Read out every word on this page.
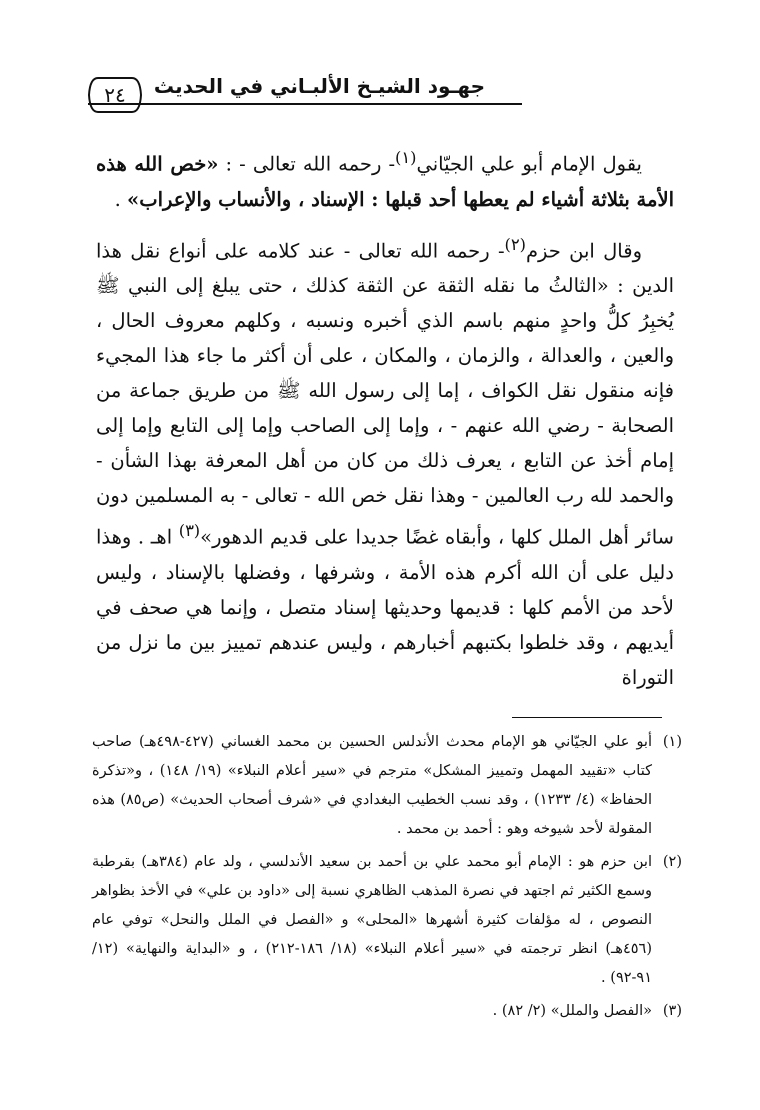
جهـود الشيـخ الألبـاني في الحديث
٢٤

يقول الإمام أبو علي الجيّاني$^{(١)}$- رحمه الله تعالى - : «خص الله هذه الأمة بثلاثة أشياء لم يعطها أحد قبلها : الإسناد ، والأنساب والإعراب» .

وقال ابن حزم$^{(٢)}$- رحمه الله تعالى - عند كلامه على أنواع نقل هذا الدين : «الثالثُ ما نقله الثقة عن الثقة كذلك ، حتى يبلغ إلى النبي ﷺ يُخبِرُ كلُّ واحدٍ منهم باسم الذي أخبره ونسبه ، وكلهم معروف الحال ، والعين ، والعدالة ، والزمان ، والمكان ، على أن أكثر ما جاء هذا المجيء فإنه منقول نقل الكواف ، إما إلى رسول الله ﷺ من طريق جماعة من الصحابة - رضي الله عنهم - ، وإما إلى الصاحب وإما إلى التابع وإما إلى إمام أخذ عن التابع ، يعرف ذلك من كان من أهل المعرفة بهذا الشأن - والحمد لله رب العالمين - وهذا نقل خص الله - تعالى - به المسلمين دون سائر أهل الملل كلها ، وأبقاه غضًا جديدا على قديم الدهور»$^{(٣)}$ اهـ . وهذا دليل على أن الله أكرم هذه الأمة ، وشرفها ، وفضلها بالإسناد ، وليس لأحد من الأمم كلها : قديمها وحديثها إسناد متصل ، وإنما هي صحف في أيديهم ، وقد خلطوا بكتبهم أخبارهم ، وليس عندهم تمييز بين ما نزل من التوراة

(١)
أبو علي الجيّاني هو الإمام محدث الأندلس الحسين بن محمد الغساني (٤٢٧-٤٩٨هـ) صاحب كتاب «تقييد المهمل وتمييز المشكل» مترجم في «سير أعلام النبلاء» (١٩/ ١٤٨) ، و«تذكرة الحفاظ» (٤/ ١٢٣٣) ، وقد نسب الخطيب البغدادي في «شرف أصحاب الحديث» (ص٨٥) هذه المقولة لأحد شيوخه وهو : أحمد بن محمد .
(٢)
ابن حزم هو : الإمام أبو محمد علي بن أحمد بن سعيد الأندلسي ، ولد عام (٣٨٤هـ) بقرطبة وسمع الكثير ثم اجتهد في نصرة المذهب الظاهري نسبة إلى «داود بن علي» في الأخذ بظواهر النصوص ، له مؤلفات كثيرة أشهرها «المحلى» و «الفصل في الملل والنحل» توفي عام (٤٥٦هـ) انظر ترجمته في «سير أعلام النبلاء» (١٨/ ١٨٦-٢١٢) ، و «البداية والنهاية» (١٢/ ٩١-٩٢) .
(٣)
«الفصل والملل» (٢/ ٨٢) .
